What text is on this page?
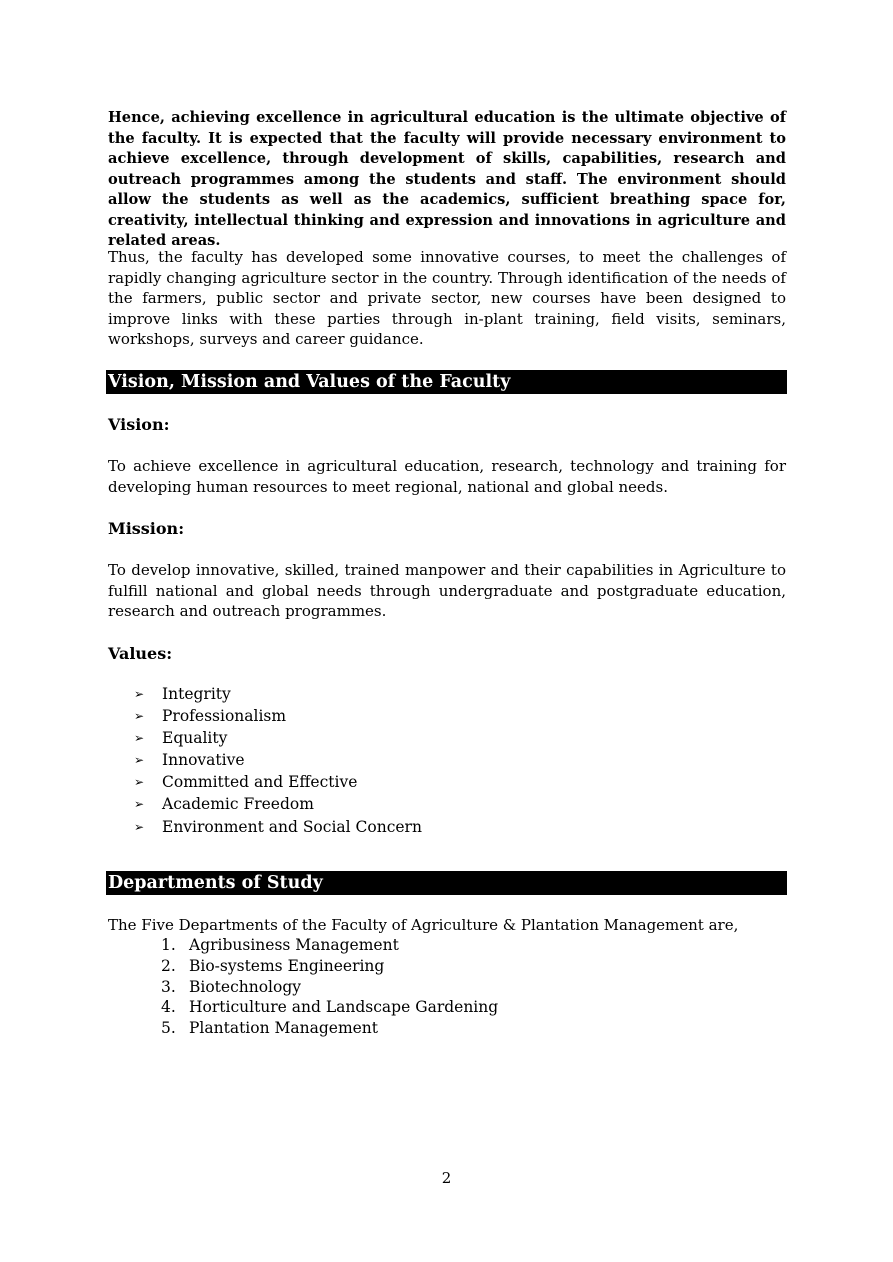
Hence, achieving excellence in agricultural education is the ultimate objective of the faculty. It is expected that the faculty will provide necessary environment to achieve excellence, through development of skills, capabilities, research and outreach programmes among the students and staff. The environment should allow the students as well as the academics, sufficient breathing space for, creativity, intellectual thinking and expression and innovations in agriculture and related areas.

Thus, the faculty has developed some innovative courses, to meet the challenges of rapidly changing agriculture sector in the country. Through identification of the needs of the farmers, public sector and private sector, new courses have been designed to improve links with these parties through in-plant training, field visits, seminars, workshops, surveys and career guidance.

Vision, Mission and Values of the Faculty

Vision:

To achieve excellence in agricultural education, research, technology and training for developing human resources to meet regional, national and global needs.

Mission:

To develop innovative, skilled, trained manpower and their capabilities in Agriculture to fulfill national and global needs through undergraduate and postgraduate education, research and outreach programmes.

Values:

➢	Integrity
➢	Professionalism
➢	Equality
➢	Innovative
➢	Committed and Effective
➢	Academic Freedom
➢	Environment and Social Concern
Departments of Study

The Five Departments of the Faculty of Agriculture & Plantation Management are,

1. Agribusiness Management
2. Bio-systems Engineering
3. Biotechnology
4. Horticulture and Landscape Gardening
5. Plantation Management
2
